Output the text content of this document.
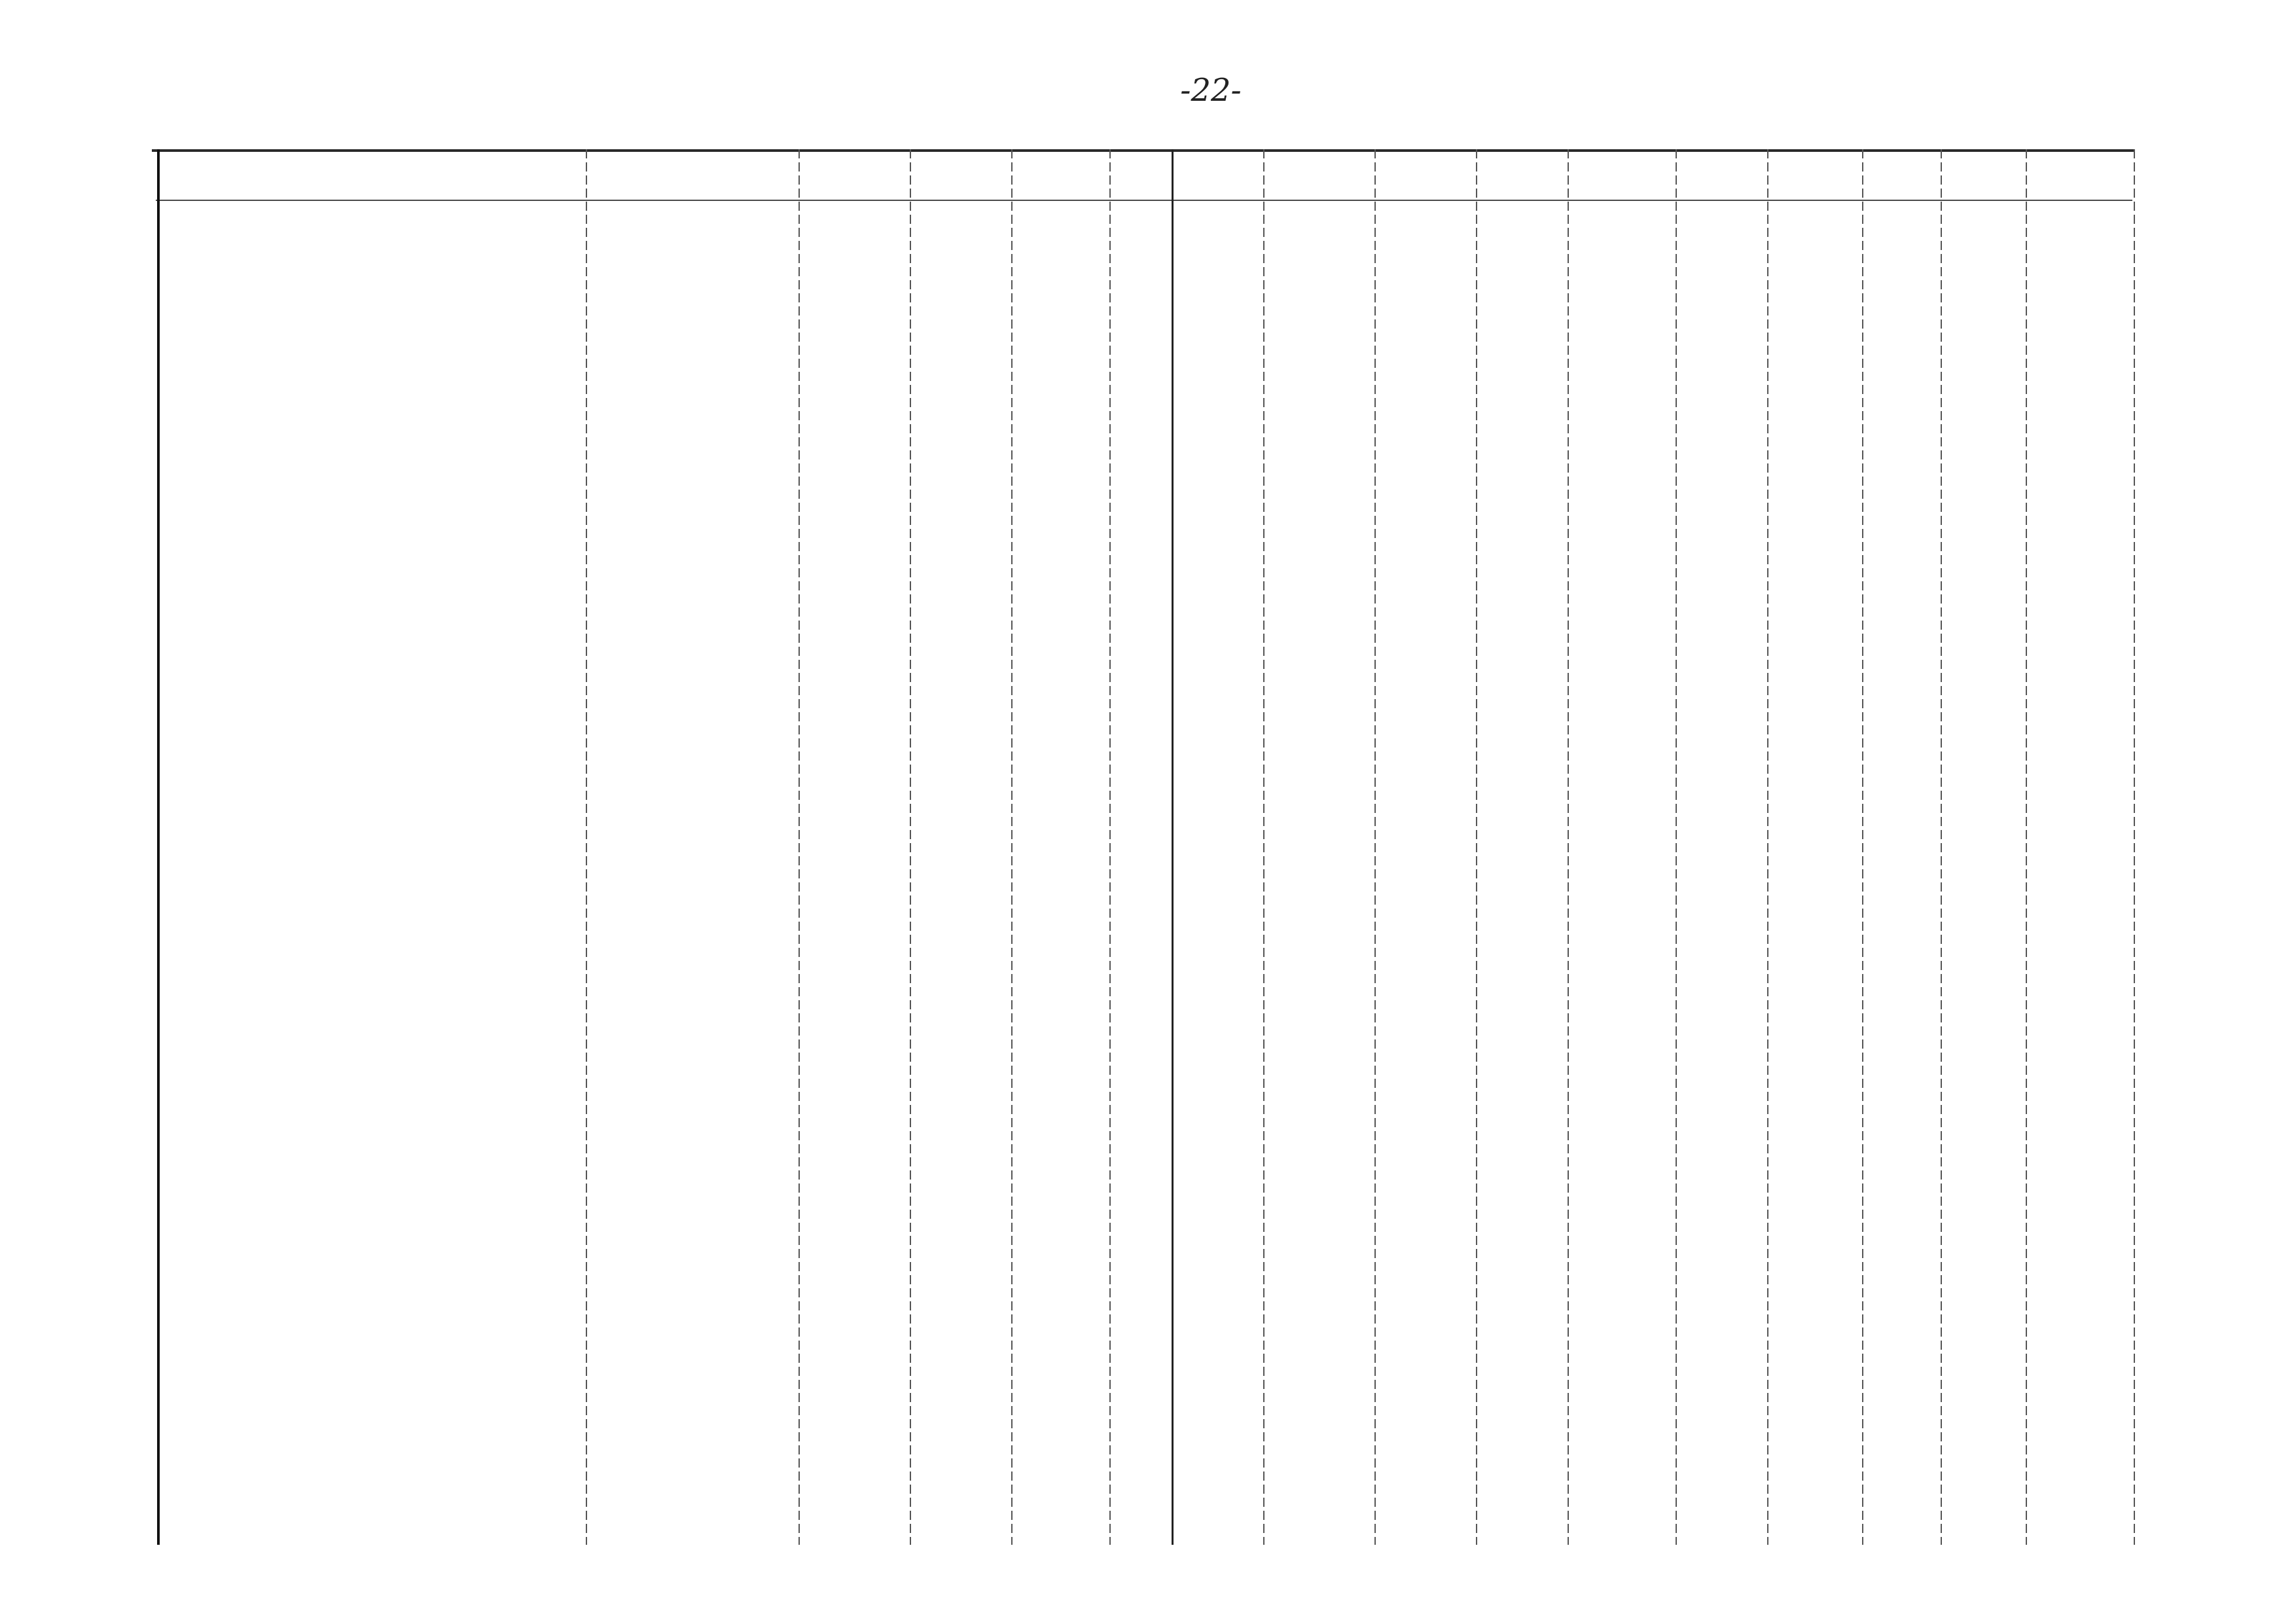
-22-
